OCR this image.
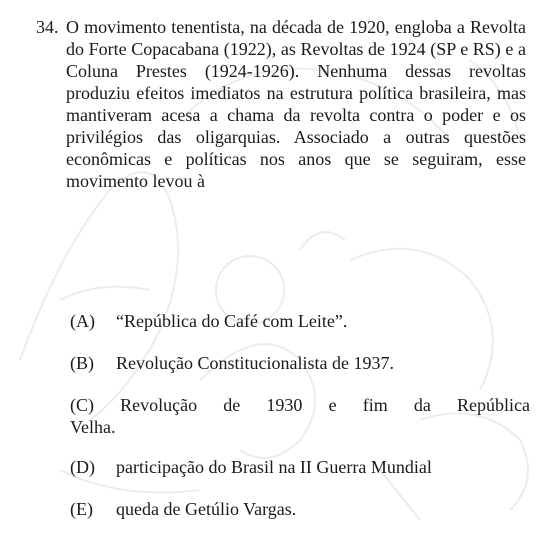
34. O movimento tenentista, na década de 1920, engloba a Revolta do Forte Copacabana (1922), as Revoltas de 1924 (SP e RS) e a Coluna Prestes (1924-1926). Nenhuma dessas revoltas produziu efeitos imediatos na estrutura política brasileira, mas mantiveram acesa a chama da revolta contra o poder e os privilégios das oligarquias. Associado a outras questões econômicas e políticas nos anos que se seguiram, esse movimento levou à
(A) “República do Café com Leite”.
(B) Revolução Constitucionalista de 1937.
(C) Revolução de 1930 e fim da República
Velha.
(D) participação do Brasil na II Guerra Mundial
(E) queda de Getúlio Vargas.
